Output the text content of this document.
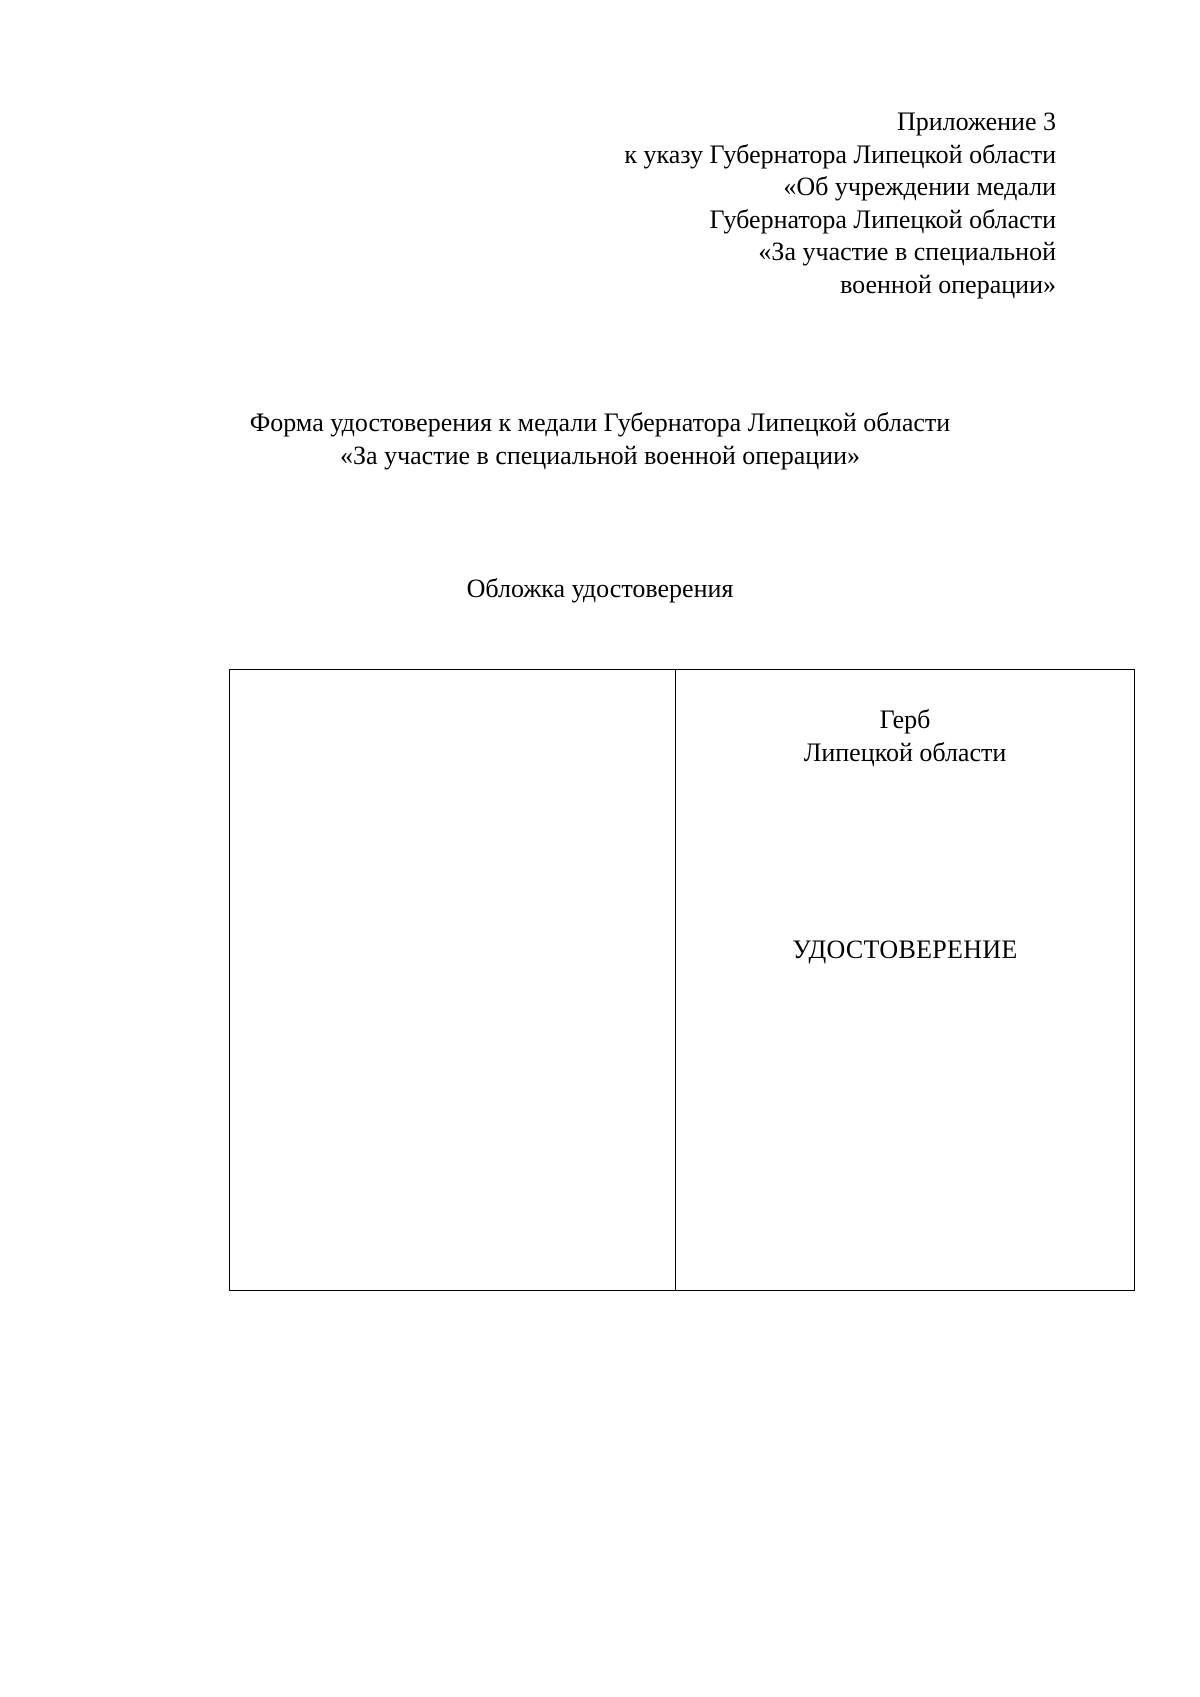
Приложение 3
к указу Губернатора Липецкой области
«Об учреждении медали
Губернатора Липецкой области
«За участие в специальной
военной операции»
Форма удостоверения к медали Губернатора Липецкой области
«За участие в специальной военной операции»
Обложка удостоверения
Герб
Липецкой области
УДОСТОВЕРЕНИЕ
